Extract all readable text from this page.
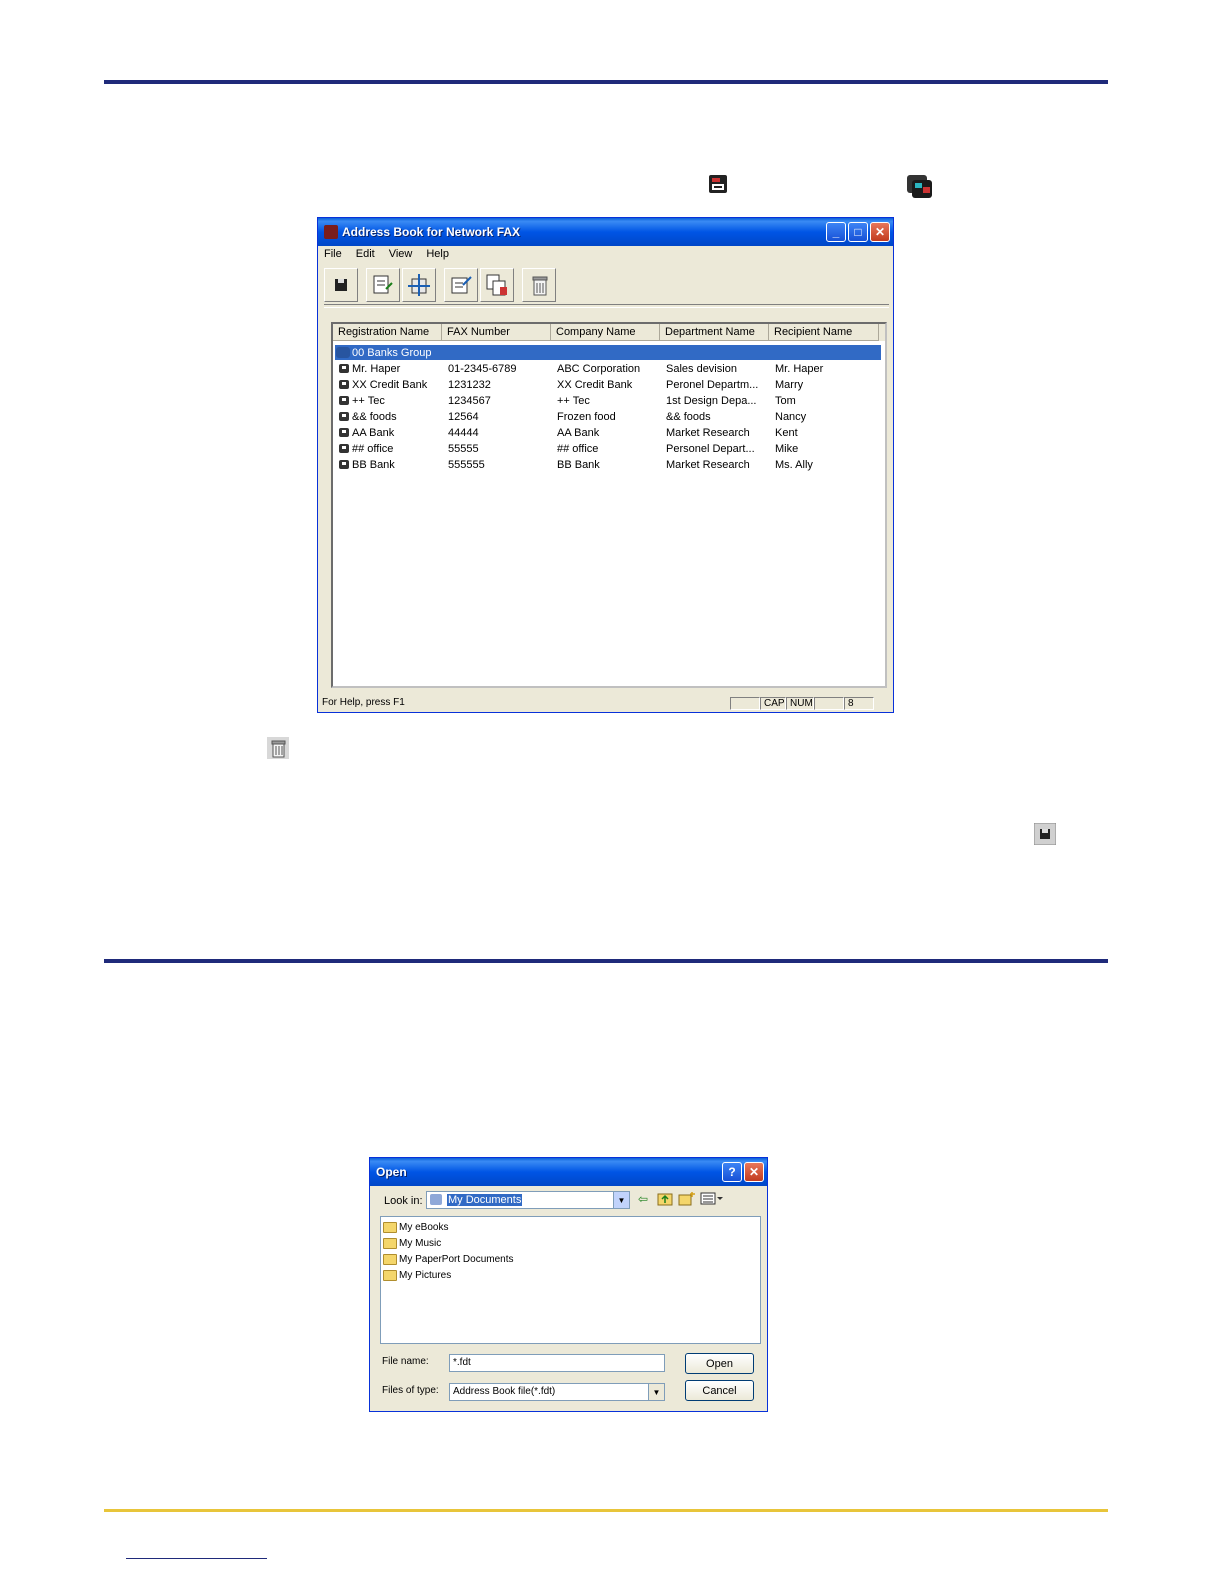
Address Book for Network FAX	_	□	✕
File Edit View Help
Registration Name	FAX Number	Company Name	Department Name	Recipient Name
00 Banks Group
Mr. Haper	01-2345-6789	ABC Corporation	Sales devision	Mr. Haper
XX Credit Bank	1231232	XX Credit Bank	Peronel Departm...	Marry
++ Tec	1234567	++ Tec	1st Design Depa...	Tom
&& foods	12564	Frozen food	&& foods	Nancy
AA Bank	44444	AA Bank	Market Research	Kent
## office	55555	## office	Personel Depart...	Mike
BB Bank	555555	BB Bank	Market Research	Ms. Ally
For Help, press F1	CAP NUM	8
Open	?	✕
Look in: My Documents	▼ ⇦
My eBooks
My Music
My PaperPort Documents
My Pictures
File name:	*.fdt	Open
Files of type: Address Book file(*.fdt)	▼	Cancel
